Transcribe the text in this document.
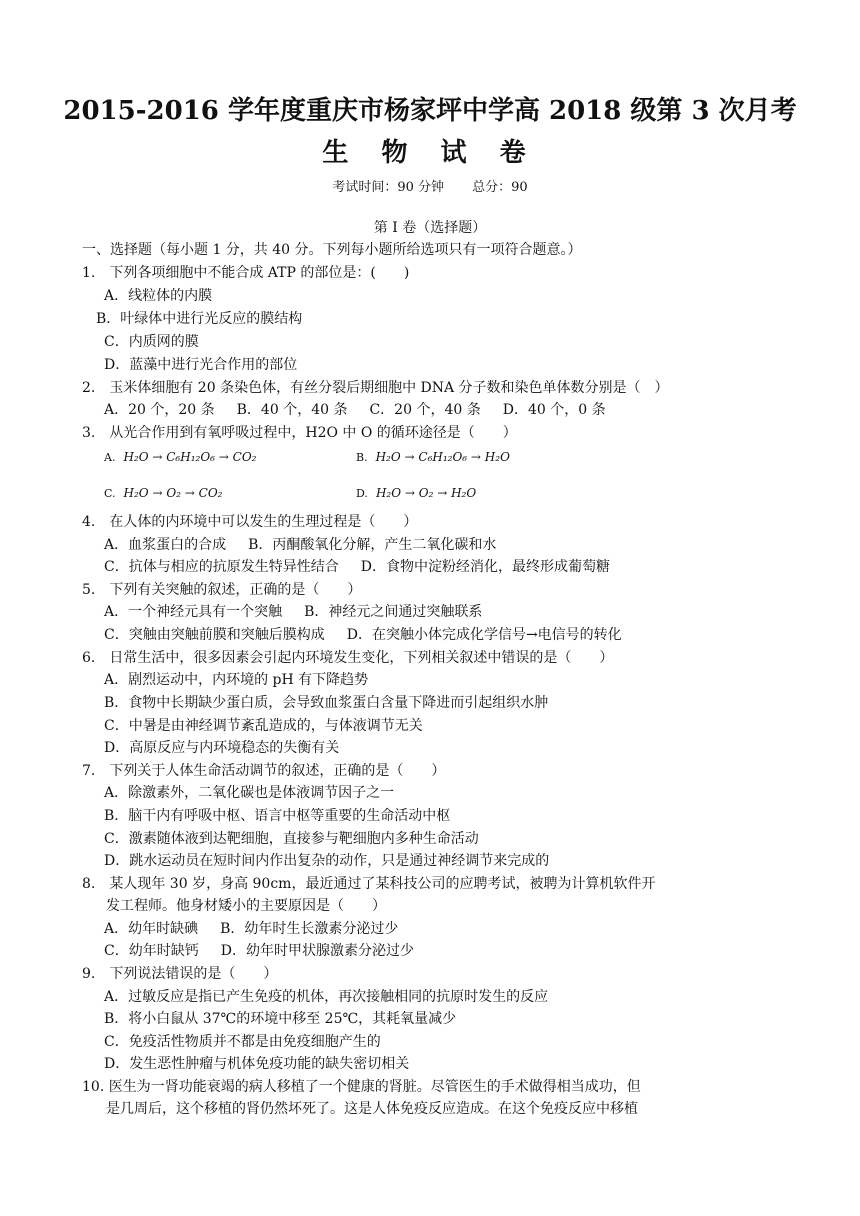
2015-2016 学年度重庆市杨家坪中学高 2018 级第 3 次月考
生 物 试 卷
考试时间：90 分钟 总分：90
第 I 卷（选择题）
一、选择题（每小题 1 分，共 40 分。下列每小题所给选项只有一项符合题意。）
1.　下列各项细胞中不能合成 ATP 的部位是：(　　)
A．线粒体的内膜
B．叶绿体中进行光反应的膜结构
C．内质网的膜
D．蓝藻中进行光合作用的部位
2.　玉米体细胞有 20 条染色体，有丝分裂后期细胞中 DNA 分子数和染色单体数分别是（　）
A．20 个，20 条 B．40 个，40 条 C．20 个，40 条 D．40 个，0 条
3.　从光合作用到有氧呼吸过程中，H2O 中 O 的循环途径是（　　）
A. H₂O → C₆H₁₂O₆ → CO₂	B. H₂O → C₆H₁₂O₆ → H₂O
C. H₂O → O₂ → CO₂	D. H₂O → O₂ → H₂O
4.　在人体的内环境中可以发生的生理过程是（　　）
A．血浆蛋白的合成 B．丙酮酸氧化分解，产生二氧化碳和水
C．抗体与相应的抗原发生特异性结合 D．食物中淀粉经消化，最终形成葡萄糖
5.　下列有关突触的叙述，正确的是（　　）
A．一个神经元具有一个突触 B．神经元之间通过突触联系
C．突触由突触前膜和突触后膜构成 D．在突触小体完成化学信号→电信号的转化
6.　日常生活中，很多因素会引起内环境发生变化，下列相关叙述中错误的是（　　）
A．剧烈运动中，内环境的 pH 有下降趋势
B．食物中长期缺少蛋白质，会导致血浆蛋白含量下降进而引起组织水肿
C．中暑是由神经调节紊乱造成的，与体液调节无关
D．高原反应与内环境稳态的失衡有关
7.　下列关于人体生命活动调节的叙述，正确的是（　　）
A．除激素外，二氧化碳也是体液调节因子之一
B．脑干内有呼吸中枢、语言中枢等重要的生命活动中枢
C．激素随体液到达靶细胞，直接参与靶细胞内多种生命活动
D．跳水运动员在短时间内作出复杂的动作，只是通过神经调节来完成的
8.　某人现年 30 岁，身高 90cm，最近通过了某科技公司的应聘考试，被聘为计算机软件开
发工程师。他身材矮小的主要原因是（　　）
A．幼年时缺碘 B．幼年时生长激素分泌过少
C．幼年时缺钙 D．幼年时甲状腺激素分泌过少
9.　下列说法错误的是（　　）
A．过敏反应是指已产生免疫的机体，再次接触相同的抗原时发生的反应
B．将小白鼠从 37℃的环境中移至 25℃，其耗氧量减少
C．免疫活性物质并不都是由免疫细胞产生的
D．发生恶性肿瘤与机体免疫功能的缺失密切相关
10. 医生为一肾功能衰竭的病人移植了一个健康的肾脏。尽管医生的手术做得相当成功，但
是几周后，这个移植的肾仍然坏死了。这是人体免疫反应造成。在这个免疫反应中移植
